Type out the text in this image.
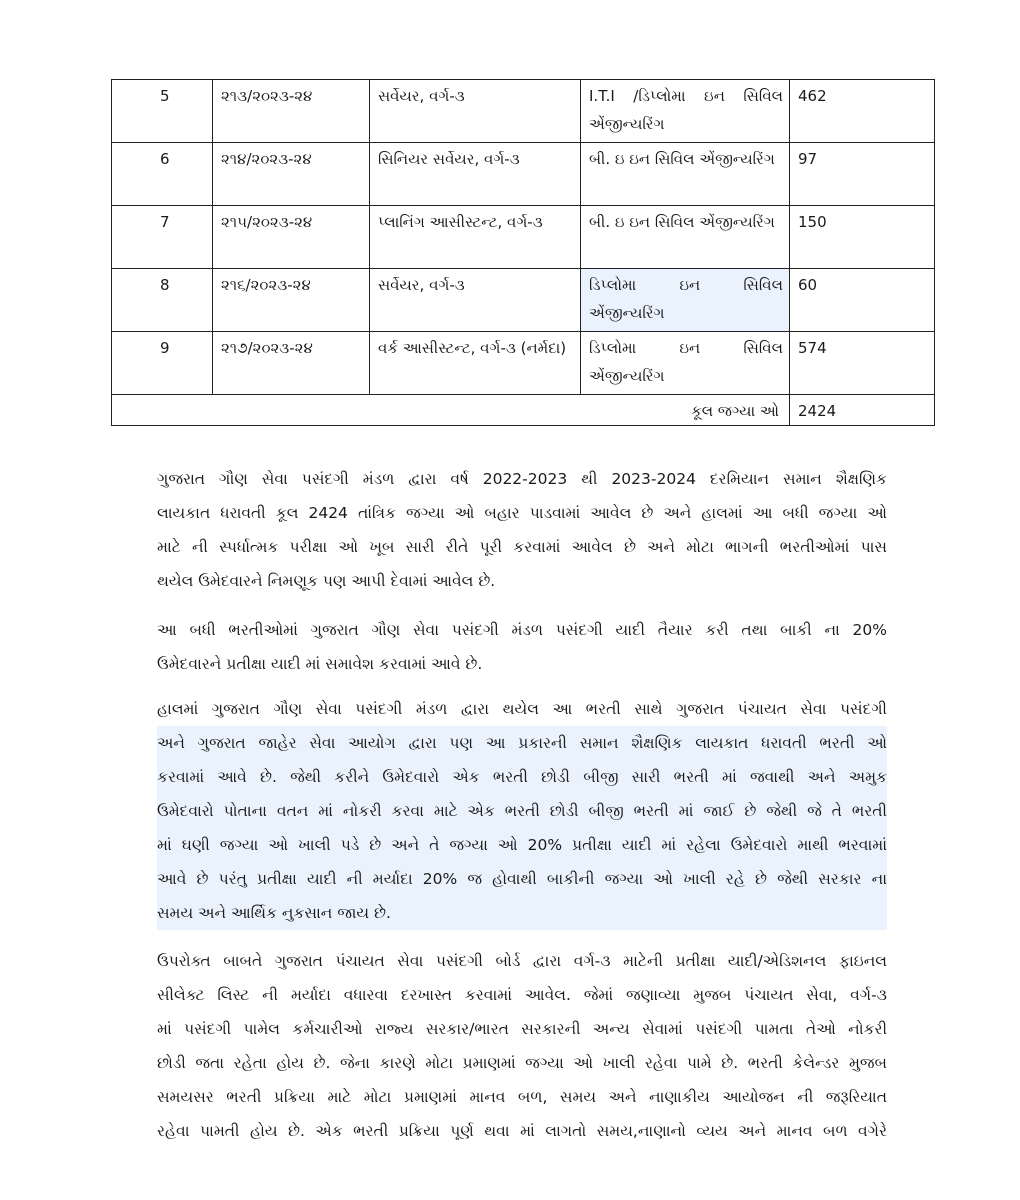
5	૨૧૩/૨૦૨૩-૨૪	સર્વેયર, વર્ગ-૩	I.T.I /ડિપ્લોમા ઇન સિવિલ એંજીન્યરિંગ	462
6	૨૧૪/૨૦૨૩-૨૪	સિનિયર સર્વેયર, વર્ગ-૩	બી. ઇ ઇન સિવિલ એંજીન્યરિંગ	97
7	૨૧૫/૨૦૨૩-૨૪	પ્લાનિંગ આસીસ્ટન્ટ, વર્ગ-૩	બી. ઇ ઇન સિવિલ એંજીન્યરિંગ	150
8	૨૧૬/૨૦૨૩-૨૪	સર્વેયર, વર્ગ-૩	ડિપ્લોમા ઇન સિવિલ એંજીન્યરિંગ	60
9	૨૧૭/૨૦૨૩-૨૪	વર્ક આસીસ્ટન્ટ, વર્ગ-૩ (નર્મદા)	ડિપ્લોમા ઇન સિવિલ એંજીન્યરિંગ	574
કૂલ જગ્યા ઓ				2424
ગુજરાત ગૌણ સેવા પસંદગી મંડળ દ્વારા વર્ષ 2022-2023 થી 2023-2024 દરમિયાન સમાન શૈક્ષણિક
લાયકાત ધરાવતી કૂલ 2424 તાંત્રિક જગ્યા ઓ બહાર પાડવામાં આવેલ છે અને હાલમાં આ બધી જગ્યા ઓ
માટે ની સ્પર્ધાત્મક પરીક્ષા ઓ ખૂબ સારી રીતે પૂરી કરવામાં આવેલ છે અને મોટા ભાગની ભરતીઓમાં પાસ
થયેલ ઉમેદવારને નિમણૂક પણ આપી દેવામાં આવેલ છે.
આ બધી ભરતીઓમાં ગુજરાત ગૌણ સેવા પસંદગી મંડળ પસંદગી યાદી તૈયાર કરી તથા બાકી ના 20%
ઉમેદવારને પ્રતીક્ષા યાદી માં સમાવેશ કરવામાં આવે છે.
હાલમાં ગુજરાત ગૌણ સેવા પસંદગી મંડળ દ્વારા થયેલ આ ભરતી સાથે ગુજરાત પંચાયત સેવા પસંદગી
અને ગુજરાત જાહેર સેવા આયોગ દ્વારા પણ આ પ્રકારની સમાન શૈક્ષણિક લાયકાત ધરાવતી ભરતી ઓ
કરવામાં આવે છે. જેથી કરીને ઉમેદવારો એક ભરતી છોડી બીજી સારી ભરતી માં જવાથી અને અમુક
ઉમેદવારો પોતાના વતન માં નોકરી કરવા માટે એક ભરતી છોડી બીજી ભરતી માં જાઈ છે જેથી જે તે ભરતી
માં ઘણી જગ્યા ઓ ખાલી પડે છે અને તે જગ્યા ઓ 20% પ્રતીક્ષા યાદી માં રહેલા ઉમેદવારો માથી ભરવામાં
આવે છે પરંતુ પ્રતીક્ષા યાદી ની મર્યાદા 20% જ હોવાથી બાકીની જગ્યા ઓ ખાલી રહે છે જેથી સરકાર ના
સમય અને આર્થિક નુકસાન જાય છે.
ઉપરોક્ત બાબતે ગુજરાત પંચાયત સેવા પસંદગી બોર્ડ દ્વારા વર્ગ-૩ માટેની પ્રતીક્ષા યાદી/એડિશનલ ફાઇનલ
સીલેક્ટ લિસ્ટ ની મર્યાદા વધારવા દરખાસ્ત કરવામાં આવેલ. જેમાં જણાવ્યા મુજબ પંચાયત સેવા, વર્ગ-૩
માં પસંદગી પામેલ કર્મચારીઓ રાજ્ય સરકાર/ભારત સરકારની અન્ય સેવામાં પસંદગી પામતા તેઓ નોકરી
છોડી જતા રહેતા હોય છે. જેના કારણે મોટા પ્રમાણમાં જગ્યા ઓ ખાલી રહેવા પામે છે. ભરતી કેલેન્ડર મુજબ
સમયસર ભરતી પ્રક્રિયા માટે મોટા પ્રમાણમાં માનવ બળ, સમય અને નાણાકીય આયોજન ની જરૂરિયાત
રહેવા પામતી હોય છે. એક ભરતી પ્રક્રિયા પૂર્ણ થવા માં લાગતો સમય,નાણાનો વ્યય અને માનવ બળ વગેરે
